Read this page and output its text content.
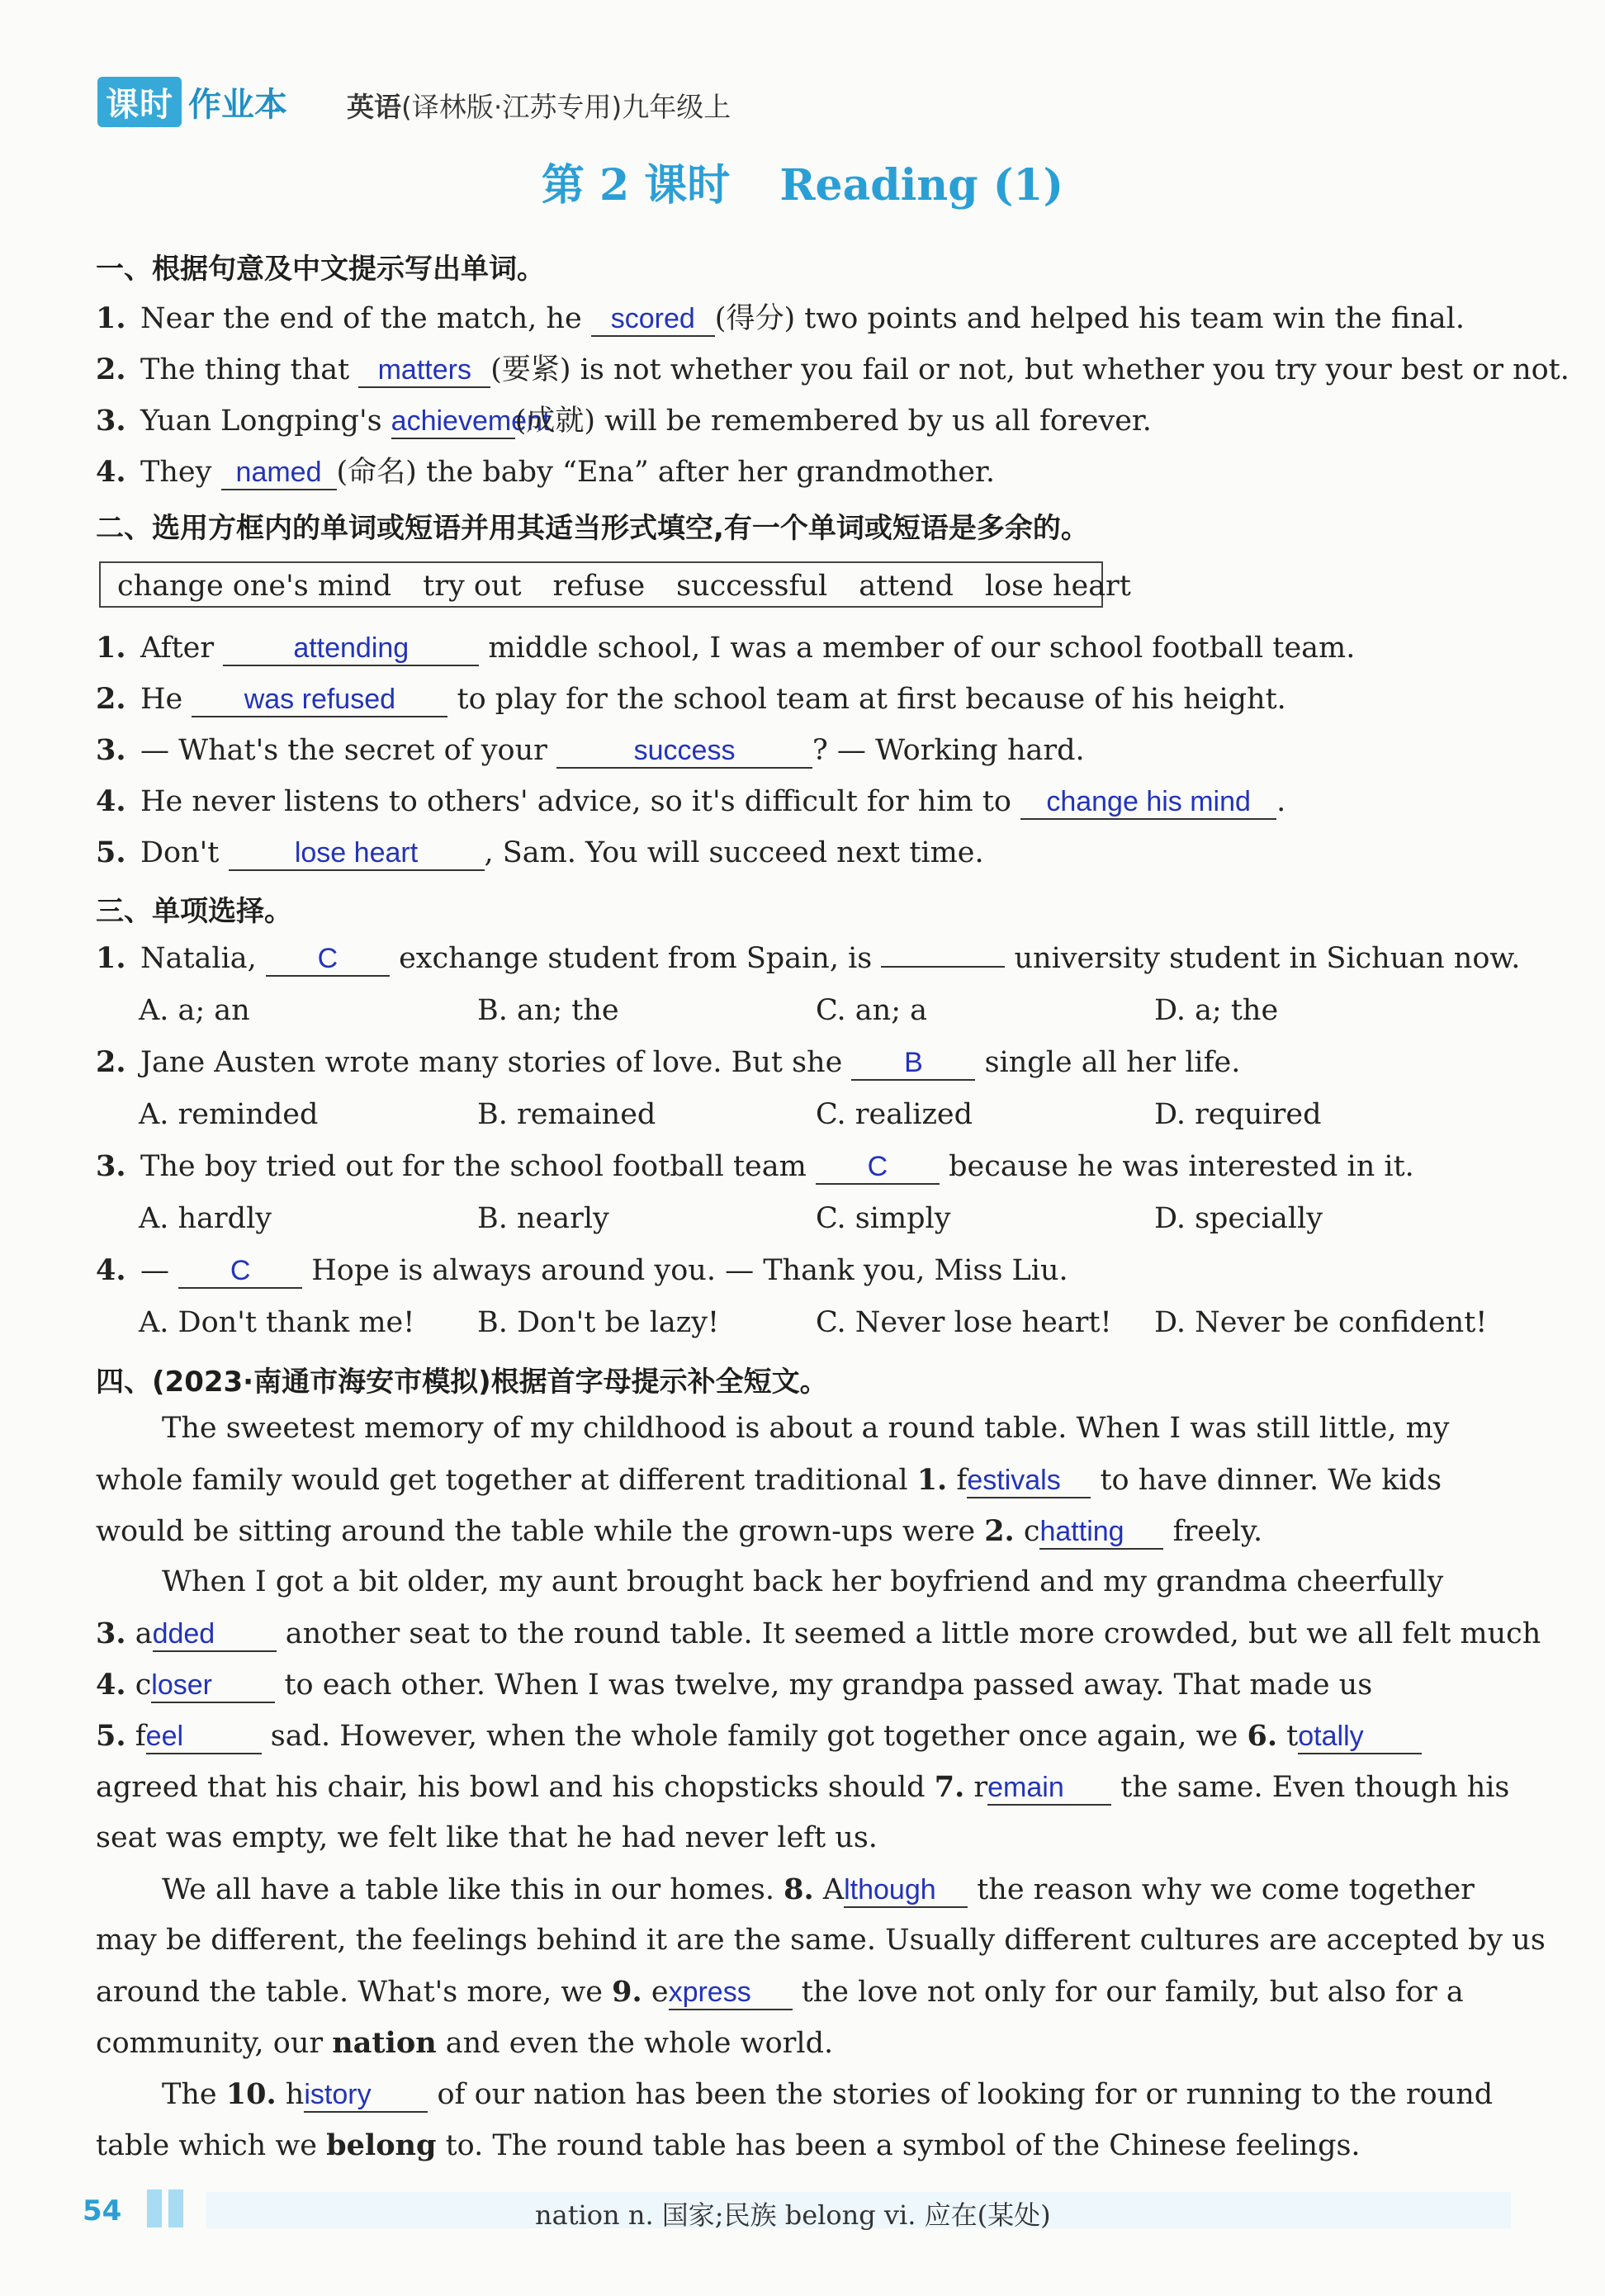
课时 作业本 英语(译林版·江苏专用)九年级上
第 2 课时 Reading (1)
一、根据句意及中文提示写出单词。
1. Near the end of the match, he scored (得分) two points and helped his team win the final.
2. The thing that matters (要紧) is not whether you fail or not, but whether you try your best or not.
3. Yuan Longping's achievement(成就) will be remembered by us all forever.
4. They named (命名) the baby “Ena” after her grandmother.
二、选用方框内的单词或短语并用其适当形式填空,有一个单词或短语是多余的。
change one's mind try out refuse successful attend lose heart
1. After	attending	middle school, I was a member of our school football team.
2. He was refused to play for the school team at first because of his height.
3. — What's the secret of your	success	? — Working hard.
4. He never listens to others' advice, so it's difficult for him to change his mind .
5. Don't	lose heart , Sam. You will succeed next time.
三、单项选择。
1. Natalia, C exchange student from Spain, is	university student in Sichuan now.
A. a; an	B. an; the	C. an; a	D. a; the
2. Jane Austen wrote many stories of love. But she B single all her life.
A. reminded	B. remained	C. realized	D. required
3. The boy tried out for the school football team C because he was interested in it.
A. hardly	B. nearly	C. simply	D. specially
4. — C Hope is always around you. — Thank you, Miss Liu.
A. Don't thank me! B. Don't be lazy!	C. Never lose heart! D. Never be confident!
四、(2023·南通市海安市模拟)根据首字母提示补全短文。
The sweetest memory of my childhood is about a round table. When I was still little, my
whole family would get together at different traditional 1. festivals to have dinner. We kids
would be sitting around the table while the grown-ups were 2. chatting freely.
When I got a bit older, my aunt brought back her boyfriend and my grandma cheerfully
3. added another seat to the round table. It seemed a little more crowded, but we all felt much
4. closer to each other. When I was twelve, my grandpa passed away. That made us
5. feel	sad. However, when the whole family got together once again, we 6. totally
agreed that his chair, his bowl and his chopsticks should 7. remain the same. Even though his
seat was empty, we felt like that he had never left us.
We all have a table like this in our homes. 8. Although the reason why we come together
may be different, the feelings behind it are the same. Usually different cultures are accepted by us
around the table. What's more, we 9. express the love not only for our family, but also for a
community, our nation and even the whole world.
The 10. history of our nation has been the stories of looking for or running to the round
table which we belong to. The round table has been a symbol of the Chinese feelings.
54	nation n. 国家;民族 belong vi. 应在(某处)
